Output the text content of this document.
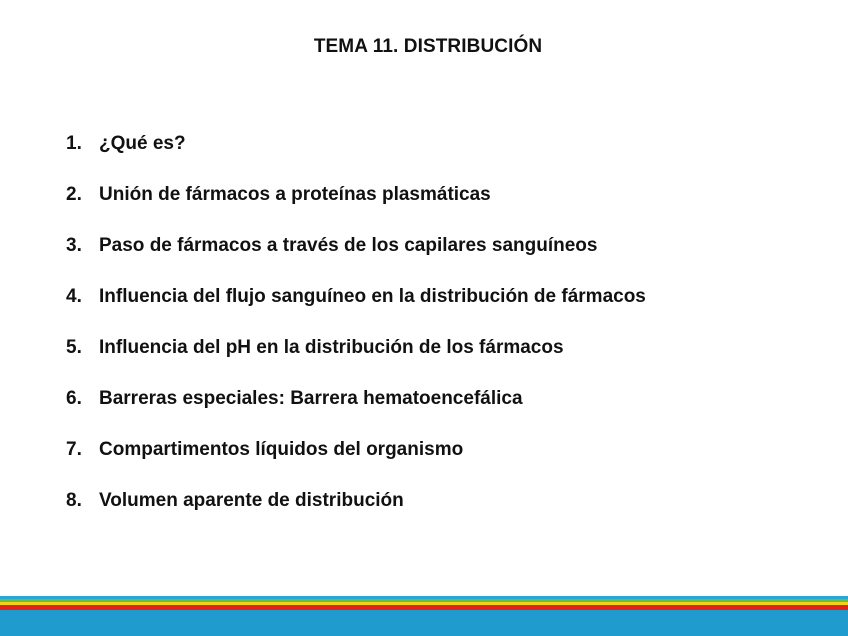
TEMA 11. DISTRIBUCIÓN
1. ¿Qué es?
2. Unión de fármacos a proteínas plasmáticas
3. Paso de fármacos a través de los capilares sanguíneos
4. Influencia del flujo sanguíneo en la distribución de fármacos
5. Influencia del pH en la distribución de los fármacos
6. Barreras especiales: Barrera hematoencefálica
7. Compartimentos líquidos del organismo
8. Volumen aparente de distribución
